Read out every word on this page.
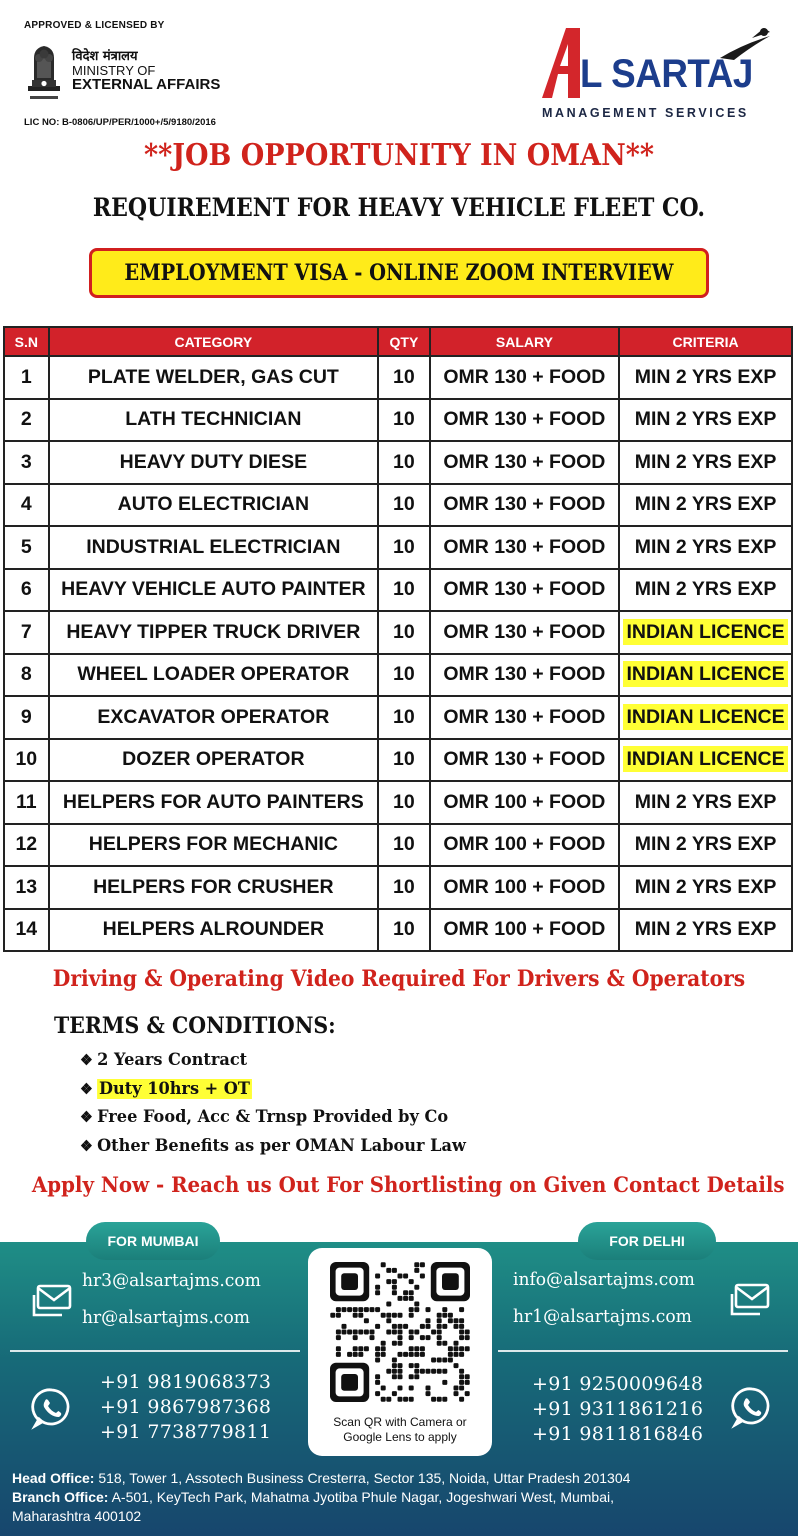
APPROVED & LICENSED BY
विदेश मंत्रालय
MINISTRY OF
EXTERNAL AFFAIRS
LIC NO: B-0806/UP/PER/1000+/5/9180/2016
L SARTAJ
MANAGEMENT SERVICES
**JOB OPPORTUNITY IN OMAN**
REQUIREMENT FOR HEAVY VEHICLE FLEET CO.
EMPLOYMENT VISA - ONLINE ZOOM INTERVIEW
S.N	CATEGORY	QTY	SALARY	CRITERIA
1	PLATE WELDER, GAS CUT	10	OMR 130 + FOOD	MIN 2 YRS EXP
2	LATH TECHNICIAN	10	OMR 130 + FOOD	MIN 2 YRS EXP
3	HEAVY DUTY DIESE	10	OMR 130 + FOOD	MIN 2 YRS EXP
4	AUTO ELECTRICIAN	10	OMR 130 + FOOD	MIN 2 YRS EXP
5	INDUSTRIAL ELECTRICIAN	10	OMR 130 + FOOD	MIN 2 YRS EXP
6	HEAVY VEHICLE AUTO PAINTER	10	OMR 130 + FOOD	MIN 2 YRS EXP
7	HEAVY TIPPER TRUCK DRIVER	10	OMR 130 + FOOD	INDIAN LICENCE
8	WHEEL LOADER OPERATOR	10	OMR 130 + FOOD	INDIAN LICENCE
9	EXCAVATOR OPERATOR	10	OMR 130 + FOOD	INDIAN LICENCE
10	DOZER OPERATOR	10	OMR 130 + FOOD	INDIAN LICENCE
11	HELPERS FOR AUTO PAINTERS	10	OMR 100 + FOOD	MIN 2 YRS EXP
12	HELPERS FOR MECHANIC	10	OMR 100 + FOOD	MIN 2 YRS EXP
13	HELPERS FOR CRUSHER	10	OMR 100 + FOOD	MIN 2 YRS EXP
14	HELPERS ALROUNDER	10	OMR 100 + FOOD	MIN 2 YRS EXP
Driving & Operating Video Required For Drivers & Operators
TERMS & CONDITIONS:
❖ 2 Years Contract
❖ Duty 10hrs + OT
❖ Free Food, Acc & Trnsp Provided by Co
❖ Other Benefits as per OMAN Labour Law
Apply Now - Reach us Out For Shortlisting on Given Contact Details
FOR MUMBAI	FOR DELHI
hr3@alsartajms.com
hr@alsartajms.com
+91 9819068373
+91 9867987368
+91 7738779811	Scan QR with Camera or
Google Lens to apply
info@alsartajms.com
hr1@alsartajms.com
+91 9250009648
+91 9311861216
+91 9811816846
Head Office: 518, Tower 1, Assotech Business Cresterra, Sector 135, Noida, Uttar Pradesh 201304
Branch Office: A-501, KeyTech Park, Mahatma Jyotiba Phule Nagar, Jogeshwari West, Mumbai,
Maharashtra 400102
